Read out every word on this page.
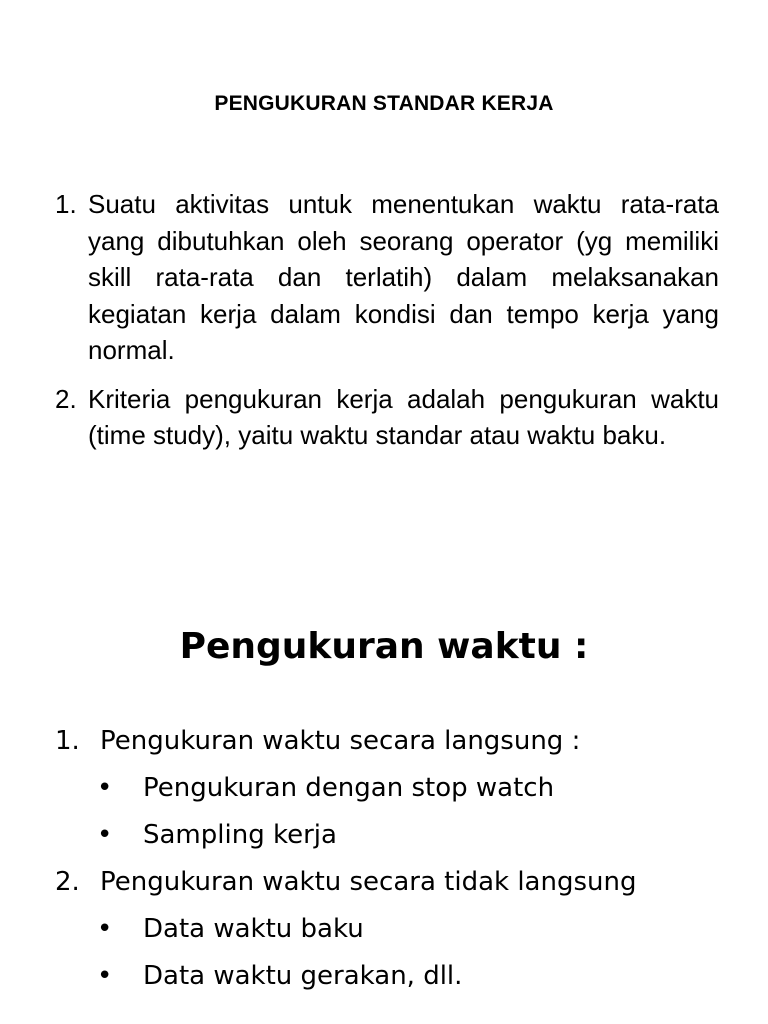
PENGUKURAN STANDAR KERJA
1. Suatu aktivitas untuk menentukan waktu rata-rata yang dibutuhkan oleh seorang operator (yg memiliki skill rata-rata dan terlatih) dalam melaksanakan kegiatan kerja dalam kondisi dan tempo kerja yang normal.
2. Kriteria pengukuran kerja adalah pengukuran waktu (time study), yaitu waktu standar atau waktu baku.
Pengukuran waktu :
1. Pengukuran waktu secara langsung :
• Pengukuran dengan stop watch
• Sampling kerja
2. Pengukuran waktu secara tidak langsung
• Data waktu baku
• Data waktu gerakan, dll.
